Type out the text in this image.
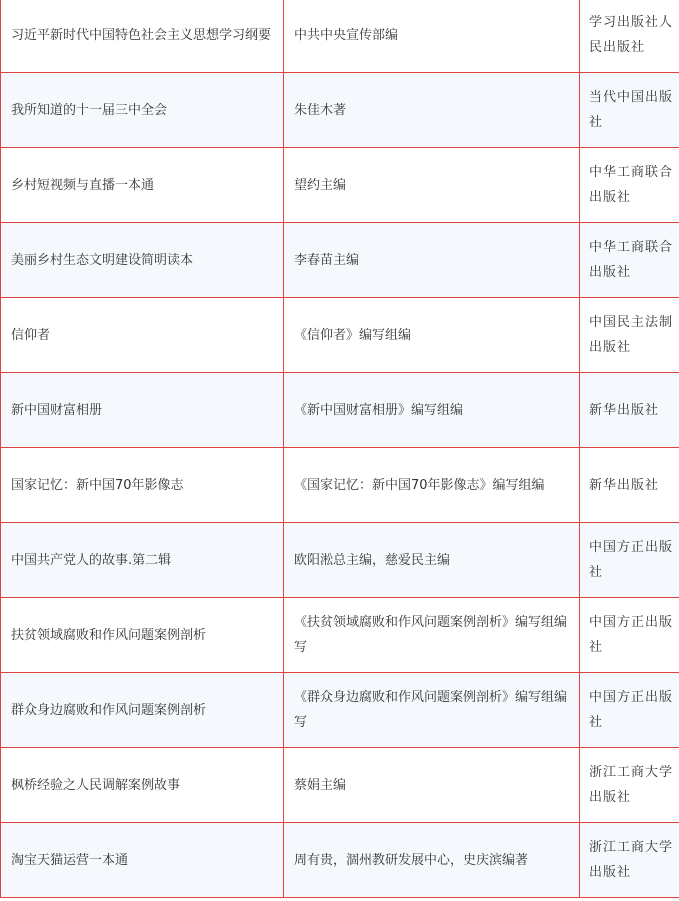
习近平新时代中国特色社会主义思想学习纲要	中共中央宣传部编	学习出版社人民出版社
我所知道的十一届三中全会	朱佳木著	当代中国出版社
乡村短视频与直播一本通	望约主编	中华工商联合出版社
美丽乡村生态文明建设简明读本	李春苗主编	中华工商联合出版社
信仰者	《信仰者》编写组编	中国民主法制出版社
新中国财富相册	《新中国财富相册》编写组编	新华出版社
国家记忆：新中国70年影像志	《国家记忆：新中国70年影像志》编写组编	新华出版社
中国共产党人的故事.第二辑	欧阳淞总主编，慈爱民主编	中国方正出版社
扶贫领域腐败和作风问题案例剖析	《扶贫领域腐败和作风问题案例剖析》编写组编写	中国方正出版社
群众身边腐败和作风问题案例剖析	《群众身边腐败和作风问题案例剖析》编写组编写	中国方正出版社
枫桥经验之人民调解案例故事	蔡娟主编	浙江工商大学出版社
淘宝天猫运营一本通	周有贵，涸州教研发展中心，史庆滨编著	浙江工商大学出版社
